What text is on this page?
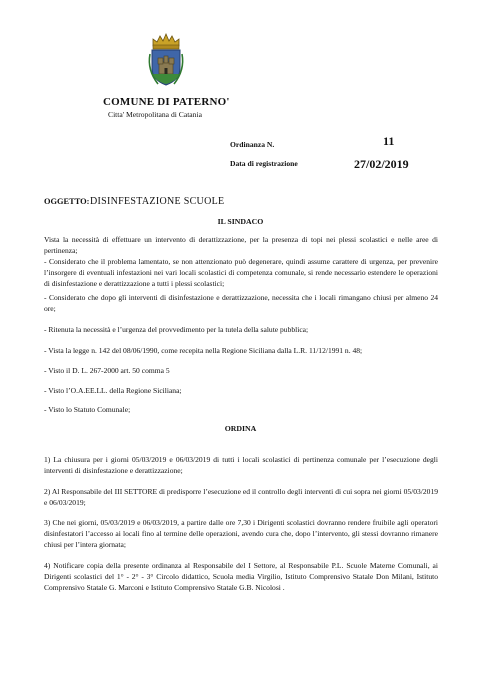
COMUNE DI PATERNO'
Citta' Metropolitana di Catania
Ordinanza N.	11
Data di registrazione	27/02/2019
OGGETTO: DISINFESTAZIONE SCUOLE
IL SINDACO
Vista la necessità di effettuare un intervento di derattizzazione, per la presenza di topi nei plessi scolastici e nelle aree di pertinenza;
- Considerato che il problema lamentato, se non attenzionato può degenerare, quindi assume carattere di urgenza, per prevenire l’insorgere di eventuali infestazioni nei vari locali scolastici di competenza comunale, si rende necessario estendere le operazioni di disinfestazione e derattizzazione a tutti i plessi scolastici;
- Considerato che dopo gli interventi di disinfestazione e derattizzazione, necessita che i locali rimangano chiusi per almeno 24 ore;
- Ritenuta la necessità e l’urgenza del provvedimento per la tutela della salute pubblica;
- Vista la legge n. 142 del 08/06/1990, come recepita nella Regione Siciliana dalla L.R. 11/12/1991 n. 48;
- Visto il D. L. 267-2000 art. 50 comma 5
- Visto l’O.A.EE.LL. della Regione Siciliana;
- Visto lo Statuto Comunale;
ORDINA
1) La chiusura per i giorni 05/03/2019 e 06/03/2019 di tutti i locali scolastici di pertinenza comunale per l’esecuzione degli interventi di disinfestazione e derattizzazione;
2) Al Responsabile del III SETTORE di predisporre l’esecuzione ed il controllo degli interventi di cui sopra nei giorni 05/03/2019 e 06/03/2019;
3) Che nei giorni, 05/03/2019 e 06/03/2019, a partire dalle ore 7,30 i Dirigenti scolastici dovranno rendere fruibile agli operatori disinfestatori l’accesso ai locali fino al termine delle operazioni, avendo cura che, dopo l’intervento, gli stessi dovranno rimanere chiusi per l’intera giornata;
4) Notificare copia della presente ordinanza al Responsabile del I Settore, al Responsabile P.L. Scuole Materne Comunali, ai Dirigenti scolastici del 1° - 2° - 3° Circolo didattico, Scuola media Virgilio, Istituto Comprensivo Statale Don Milani, Istituto Comprensivo Statale G. Marconi e Istituto Comprensivo Statale G.B. Nicolosi .
